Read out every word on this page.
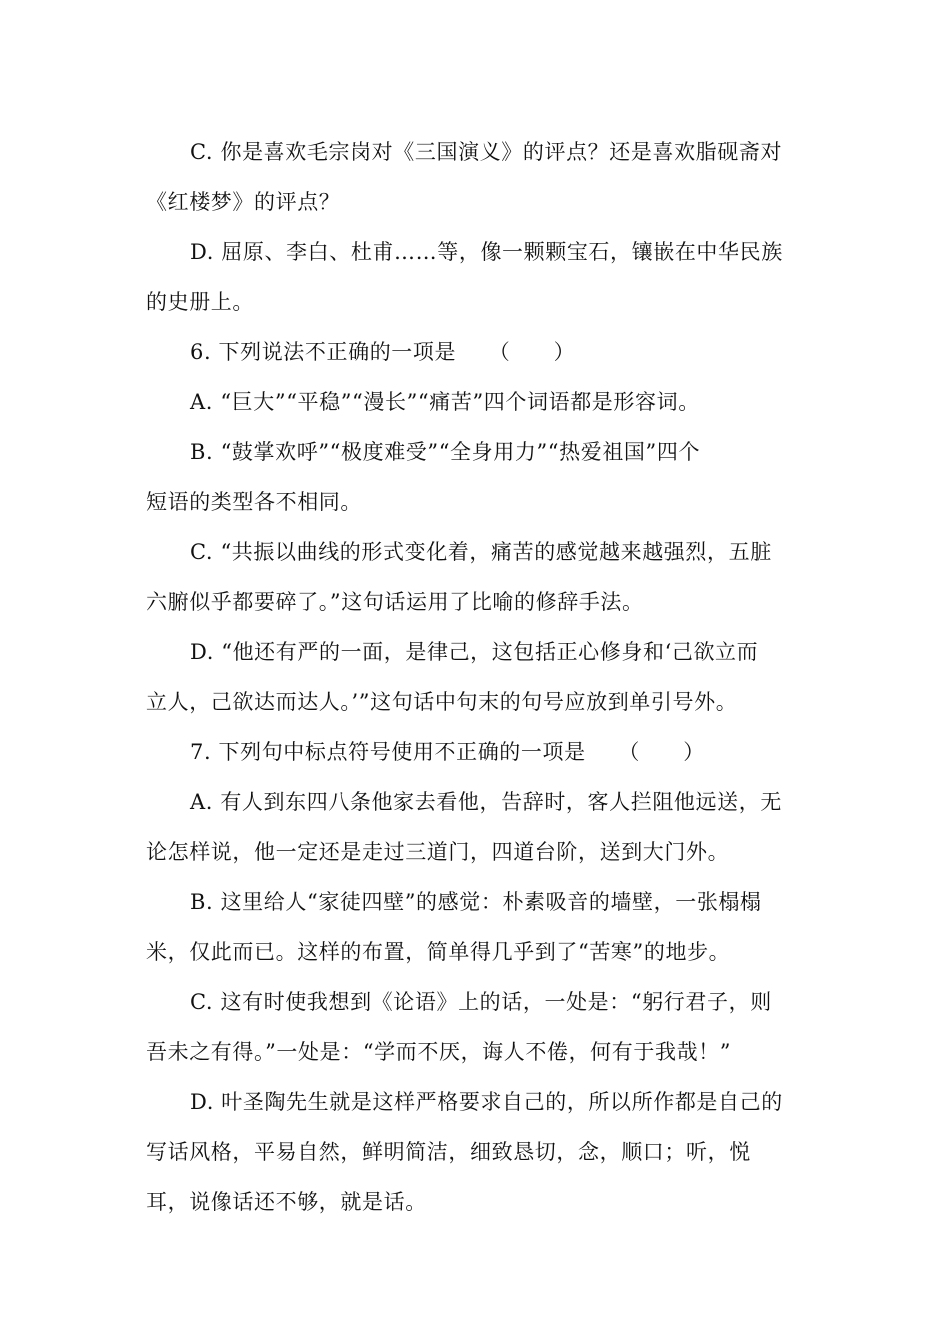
C. 你是喜欢毛宗岗对《三国演义》的评点？还是喜欢脂砚斋对

《红楼梦》的评点？

D. 屈原、李白、杜甫……等，像一颗颗宝石，镶嵌在中华民族

的史册上。

6. 下列说法不正确的一项是　　（　　）

A. “巨大”“平稳”“漫长”“痛苦”四个词语都是形容词。

B. “鼓掌欢呼”“极度难受”“全身用力”“热爱祖国”四个

短语的类型各不相同。

C. “共振以曲线的形式变化着，痛苦的感觉越来越强烈，五脏

六腑似乎都要碎了。”这句话运用了比喻的修辞手法。

D. “他还有严的一面，是律己，这包括正心修身和‘己欲立而

立人，己欲达而达人。’”这句话中句末的句号应放到单引号外。

7. 下列句中标点符号使用不正确的一项是　　（　　）

A. 有人到东四八条他家去看他，告辞时，客人拦阻他远送，无

论怎样说，他一定还是走过三道门，四道台阶，送到大门外。

B. 这里给人“家徒四壁”的感觉：朴素吸音的墙壁，一张榻榻

米，仅此而已。这样的布置，简单得几乎到了“苦寒”的地步。

C. 这有时使我想到《论语》上的话，一处是：“躬行君子，则

吾未之有得。”一处是：“学而不厌，诲人不倦，何有于我哉！”

D. 叶圣陶先生就是这样严格要求自己的，所以所作都是自己的

写话风格，平易自然，鲜明简洁，细致恳切，念，顺口；听，悦

耳，说像话还不够，就是话。
